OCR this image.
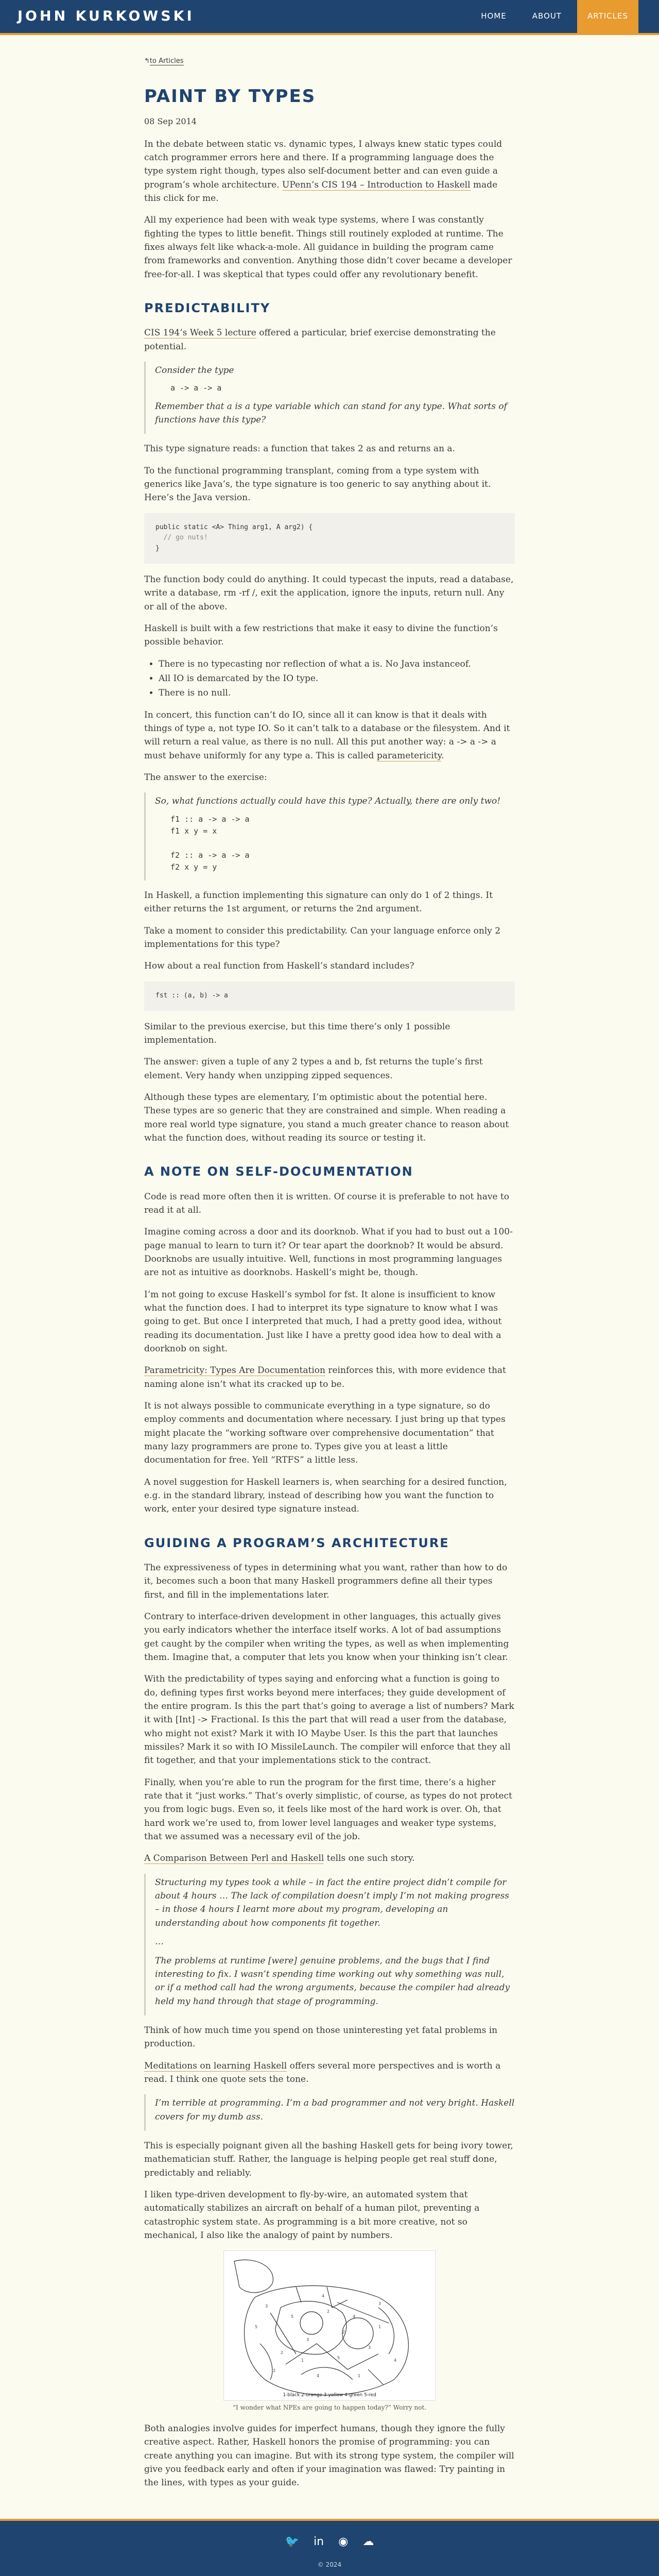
JOHN KURKOWSKI	HOME	ABOUT	ARTICLES
↰to Articles
PAINT BY TYPES
08 Sep 2014

In the debate between static vs. dynamic types, I always knew static types could catch programmer errors here and there. If a programming language does the type system right though, types also self-document better and can even guide a program’s whole architecture. UPenn’s CIS 194 – Introduction to Haskell made this click for me.

All my experience had been with weak type systems, where I was constantly fighting the types to little benefit. Things still routinely exploded at runtime. The fixes always felt like whack-a-mole. All guidance in building the program came from frameworks and convention. Anything those didn’t cover became a developer free-for-all. I was skeptical that types could offer any revolutionary benefit.

PREDICTABILITY

CIS 194’s Week 5 lecture offered a particular, brief exercise demonstrating the potential.

Consider the type

a -> a -> a

Remember that a is a type variable which can stand for any type. What sorts of functions have this type?

This type signature reads: a function that takes 2 as and returns an a.

To the functional programming transplant, coming from a type system with generics like Java’s, the type signature is too generic to say anything about it. Here’s the Java version.

public static <A> Thing arg1, A arg2) {
// go nuts!
}

The function body could do anything. It could typecast the inputs, read a database, write a database, rm -rf /, exit the application, ignore the inputs, return null. Any or all of the above.

Haskell is built with a few restrictions that make it easy to divine the function’s possible behavior.

• There is no typecasting nor reflection of what a is. No Java instanceof.
• All IO is demarcated by the IO type.
• There is no null.

In concert, this function can’t do IO, since all it can know is that it deals with things of type a, not type IO. So it can’t talk to a database or the filesystem. And it will return a real value, as there is no null. All this put another way: a -> a -> a must behave uniformly for any type a. This is called parametericity.

The answer to the exercise:

So, what functions actually could have this type? Actually, there are only two!

f1 :: a -> a -> a
f1 x y = x

f2 :: a -> a -> a
f2 x y = y

In Haskell, a function implementing this signature can only do 1 of 2 things. It either returns the 1st argument, or returns the 2nd argument.

Take a moment to consider this predictability. Can your language enforce only 2 implementations for this type?

How about a real function from Haskell’s standard includes?

fst :: (a, b) -> a

Similar to the previous exercise, but this time there’s only 1 possible implementation.

The answer: given a tuple of any 2 types a and b, fst returns the tuple’s first element. Very handy when unzipping zipped sequences.

Although these types are elementary, I’m optimistic about the potential here. These types are so generic that they are constrained and simple. When reading a more real world type signature, you stand a much greater chance to reason about what the function does, without reading its source or testing it.

A NOTE ON SELF-DOCUMENTATION

Code is read more often then it is written. Of course it is preferable to not have to read it at all.

Imagine coming across a door and its doorknob. What if you had to bust out a 100-page manual to learn to turn it? Or tear apart the doorknob? It would be absurd. Doorknobs are usually intuitive. Well, functions in most programming languages are not as intuitive as doorknobs. Haskell’s might be, though.

I’m not going to excuse Haskell’s symbol for fst. It alone is insufficient to know what the function does. I had to interpret its type signature to know what I was going to get. But once I interpreted that much, I had a pretty good idea, without reading its documentation. Just like I have a pretty good idea how to deal with a doorknob on sight.

Parametricity: Types Are Documentation reinforces this, with more evidence that naming alone isn’t what its cracked up to be.

It is not always possible to communicate everything in a type signature, so do employ comments and documentation where necessary. I just bring up that types might placate the “working software over comprehensive documentation” that many lazy programmers are prone to. Types give you at least a little documentation for free. Yell “RTFS” a little less.

A novel suggestion for Haskell learners is, when searching for a desired function, e.g. in the standard library, instead of describing how you want the function to work, enter your desired type signature instead.

GUIDING A PROGRAM’S ARCHITECTURE

The expressiveness of types in determining what you want, rather than how to do it, becomes such a boon that many Haskell programmers define all their types first, and fill in the implementations later.

Contrary to interface-driven development in other languages, this actually gives you early indicators whether the interface itself works. A lot of bad assumptions get caught by the compiler when writing the types, as well as when implementing them. Imagine that, a computer that lets you know when your thinking isn’t clear.

With the predictability of types saying and enforcing what a function is going to do, defining types first works beyond mere interfaces; they guide development of the entire program. Is this the part that’s going to average a list of numbers? Mark it with [Int] -> Fractional. Is this the part that will read a user from the database, who might not exist? Mark it with IO Maybe User. Is this the part that launches missiles? Mark it so with IO MissileLaunch. The compiler will enforce that they all fit together, and that your implementations stick to the contract.

Finally, when you’re able to run the program for the first time, there’s a higher rate that it “just works.” That’s overly simplistic, of course, as types do not protect you from logic bugs. Even so, it feels like most of the hard work is over. Oh, that hard work we’re used to, from lower level languages and weaker type systems, that we assumed was a necessary evil of the job.

A Comparison Between Perl and Haskell tells one such story.

Structuring my types took a while – in fact the entire project didn’t compile for about 4 hours … The lack of compilation doesn’t imply I’m not making progress – in those 4 hours I learnt more about my program, developing an understanding about how components fit together.

…

The problems at runtime [were] genuine problems, and the bugs that I find interesting to fix. I wasn’t spending time working out why something was null, or if a method call had the wrong arguments, because the compiler had already held my hand through that stage of programming.

Think of how much time you spend on those uninteresting yet fatal problems in production.

Meditations on learning Haskell offers several more perspectives and is worth a read. I think one quote sets the tone.

I’m terrible at programming. I’m a bad programmer and not very bright. Haskell covers for my dumb ass.

This is especially poignant given all the bashing Haskell gets for being ivory tower, mathematician stuff. Rather, the language is helping people get real stuff done, predictably and reliably.

I liken type-driven development to fly-by-wire, an automated system that automatically stabilizes an aircraft on behalf of a human pilot, preventing a catastrophic system state. As programming is a bit more creative, not so mechanical, I also like the analogy of paint by numbers.

3
5
2
4
1
3
2
5
3
4	1
2
4
5
2
1
3
4
1-black 2-orange 3-yellow 4-green 5-red
“I wonder what NPEs are going to happen today?” Worry not.

Both analogies involve guides for imperfect humans, though they ignore the fully creative aspect. Rather, Haskell honors the promise of programming: you can create anything you can imagine. But with its strong type system, the compiler will give you feedback early and often if your imagination was flawed: Try painting in the lines, with types as your guide.

🐦 in ◉ ☁
© 2024
